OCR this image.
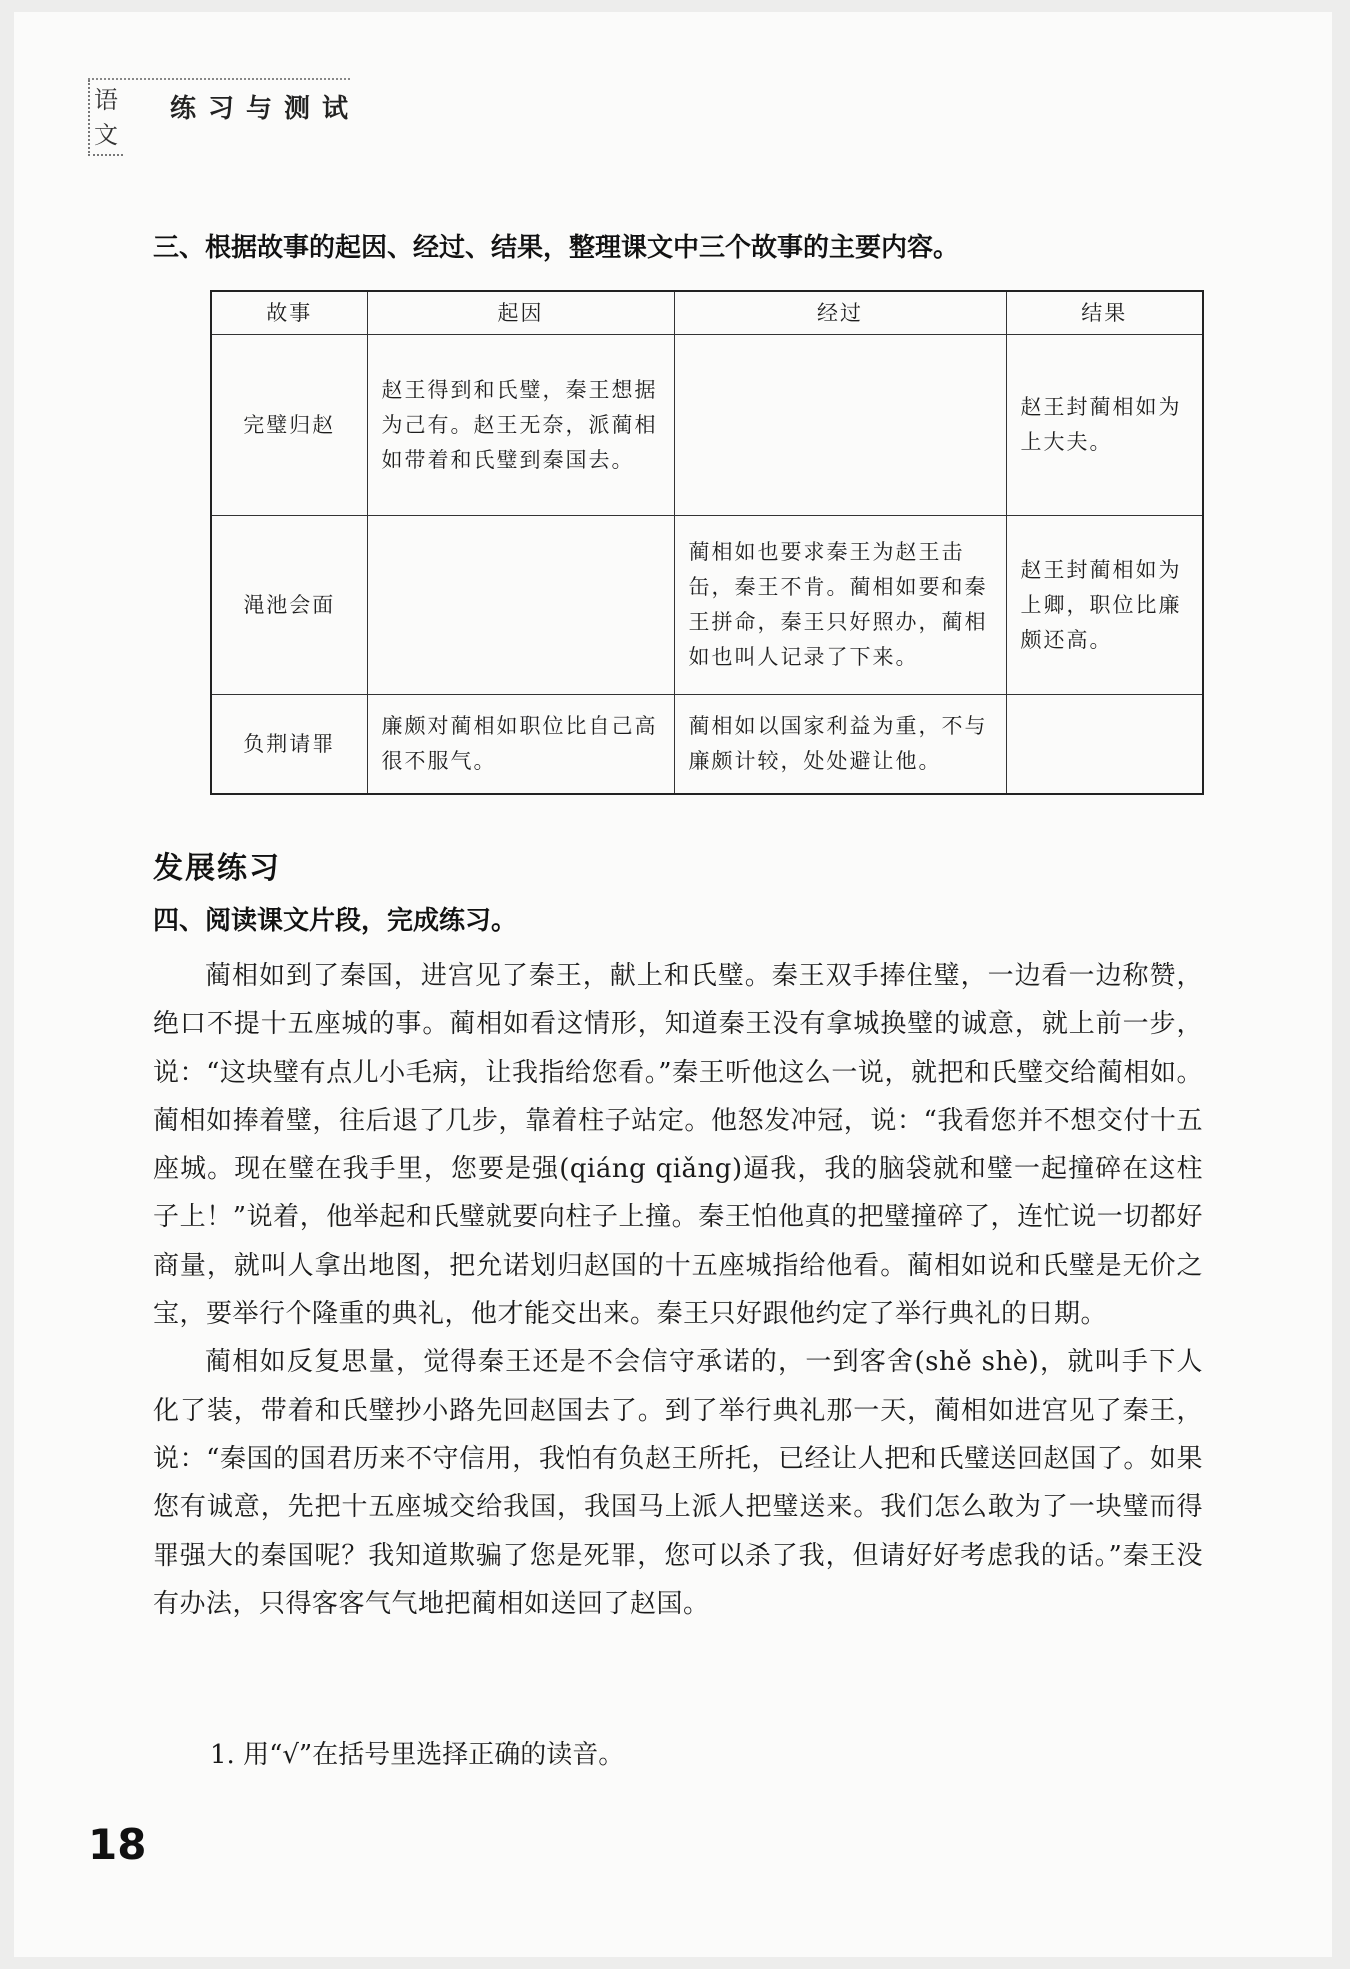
语文
练习与测试
三、根据故事的起因、经过、结果，整理课文中三个故事的主要内容。
故事	起因	经过	结果
完璧归赵	赵王得到和氏璧，秦王想据为己有。赵王无奈，派蔺相如带着和氏璧到秦国去。		赵王封蔺相如为上大夫。
渑池会面		蔺相如也要求秦王为赵王击缶，秦王不肯。蔺相如要和秦王拼命，秦王只好照办，蔺相如也叫人记录了下来。	赵王封蔺相如为上卿，职位比廉颇还高。
负荆请罪	廉颇对蔺相如职位比自己高很不服气。	蔺相如以国家利益为重，不与廉颇计较，处处避让他。	
发展练习
四、阅读课文片段，完成练习。

蔺相如到了秦国，进宫见了秦王，献上和氏璧。秦王双手捧住璧，一边看一边称赞，绝口不提十五座城的事。蔺相如看这情形，知道秦王没有拿城换璧的诚意，就上前一步，说：“这块璧有点儿小毛病，让我指给您看。”秦王听他这么一说，就把和氏璧交给蔺相如。蔺相如捧着璧，往后退了几步，靠着柱子站定。他怒发冲冠，说：“我看您并不想交付十五座城。现在璧在我手里，您要是强(qiáng qiǎng)逼我，我的脑袋就和璧一起撞碎在这柱子上！”说着，他举起和氏璧就要向柱子上撞。秦王怕他真的把璧撞碎了，连忙说一切都好商量，就叫人拿出地图，把允诺划归赵国的十五座城指给他看。蔺相如说和氏璧是无价之宝，要举行个隆重的典礼，他才能交出来。秦王只好跟他约定了举行典礼的日期。

蔺相如反复思量，觉得秦王还是不会信守承诺的，一到客舍(shě shè)，就叫手下人化了装，带着和氏璧抄小路先回赵国去了。到了举行典礼那一天，蔺相如进宫见了秦王，说：“秦国的国君历来不守信用，我怕有负赵王所托，已经让人把和氏璧送回赵国了。如果您有诚意，先把十五座城交给我国，我国马上派人把璧送来。我们怎么敢为了一块璧而得罪强大的秦国呢？我知道欺骗了您是死罪，您可以杀了我，但请好好考虑我的话。”秦王没有办法，只得客客气气地把蔺相如送回了赵国。

1. 用“√”在括号里选择正确的读音。
18
